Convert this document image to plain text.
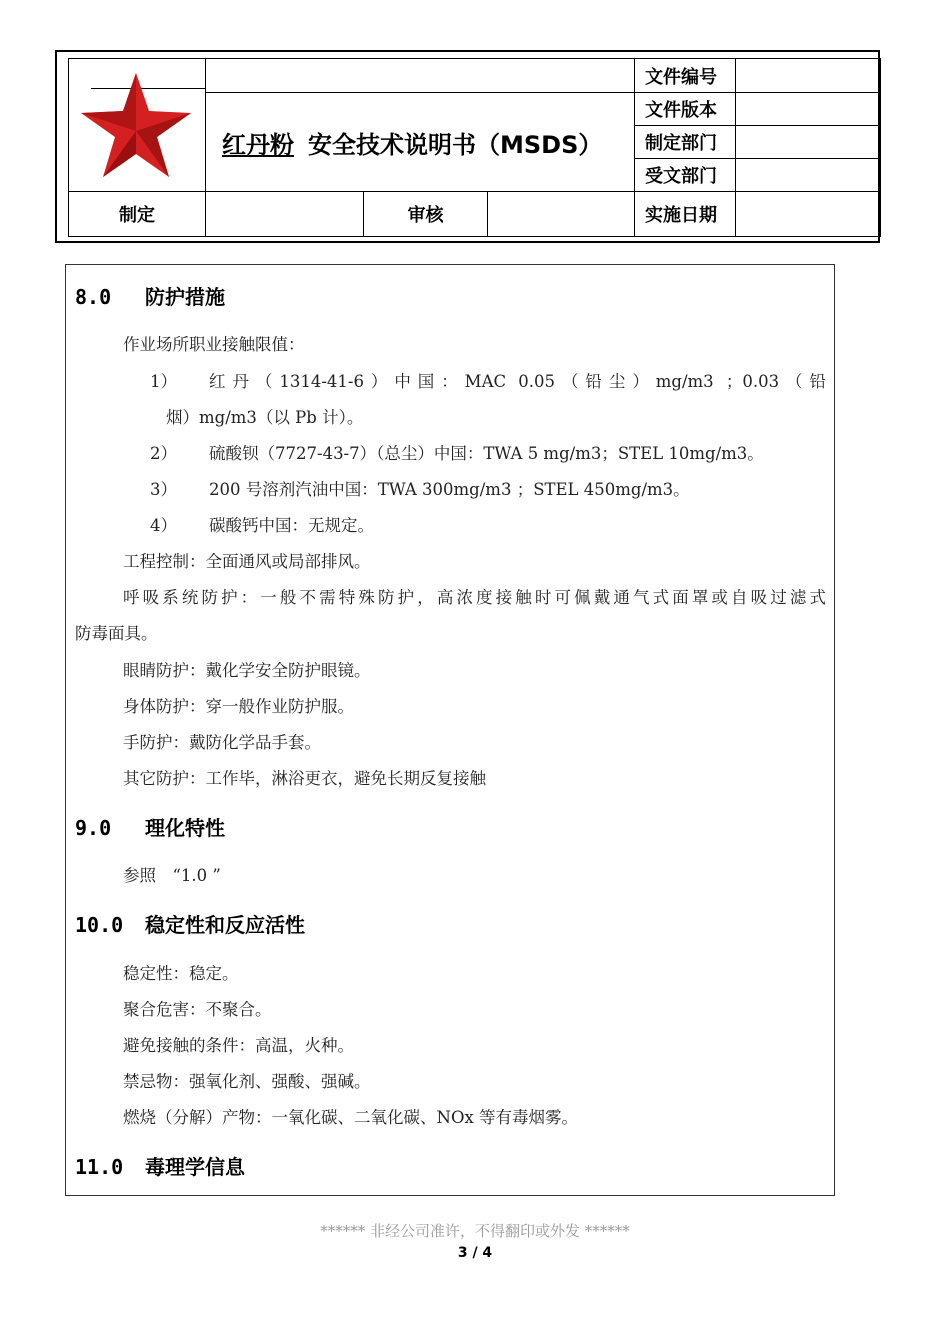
		文件编号	
	红丹粉 安全技术说明书（MSDS）			文件版本	
				制定部门	
				受文部门	
制定		审核		实施日期	
8.0 防护措施
作业场所职业接触限值：
1） 红丹（1314-41-6）中国：MAC 0.05（铅尘）mg/m3 ；0.03（铅
烟）mg/m3（以 Pb 计）。
2） 硫酸钡（7727-43-7）（总尘）中国：TWA 5 mg/m3；STEL 10mg/m3。
3） 200 号溶剂汽油中国：TWA 300mg/m3 ；STEL 450mg/m3。
4） 碳酸钙中国：无规定。
工程控制：全面通风或局部排风。
呼吸系统防护：一般不需特殊防护，高浓度接触时可佩戴通气式面罩或自吸过滤式
防毒面具。
眼睛防护：戴化学安全防护眼镜。
身体防护：穿一般作业防护服。
手防护：戴防化学品手套。
其它防护：工作毕，淋浴更衣，避免长期反复接触
9.0 理化特性
参照　“1.0 ”
10.0 稳定性和反应活性
稳定性：稳定。
聚合危害：不聚合。
避免接触的条件：高温，火种。
禁忌物：强氧化剂、强酸、强碱。
燃烧（分解）产物：一氧化碳、二氧化碳、NOx 等有毒烟雾。
11.0 毒理学信息
****** 非经公司准许，不得翻印或外发 ******
3 / 4
